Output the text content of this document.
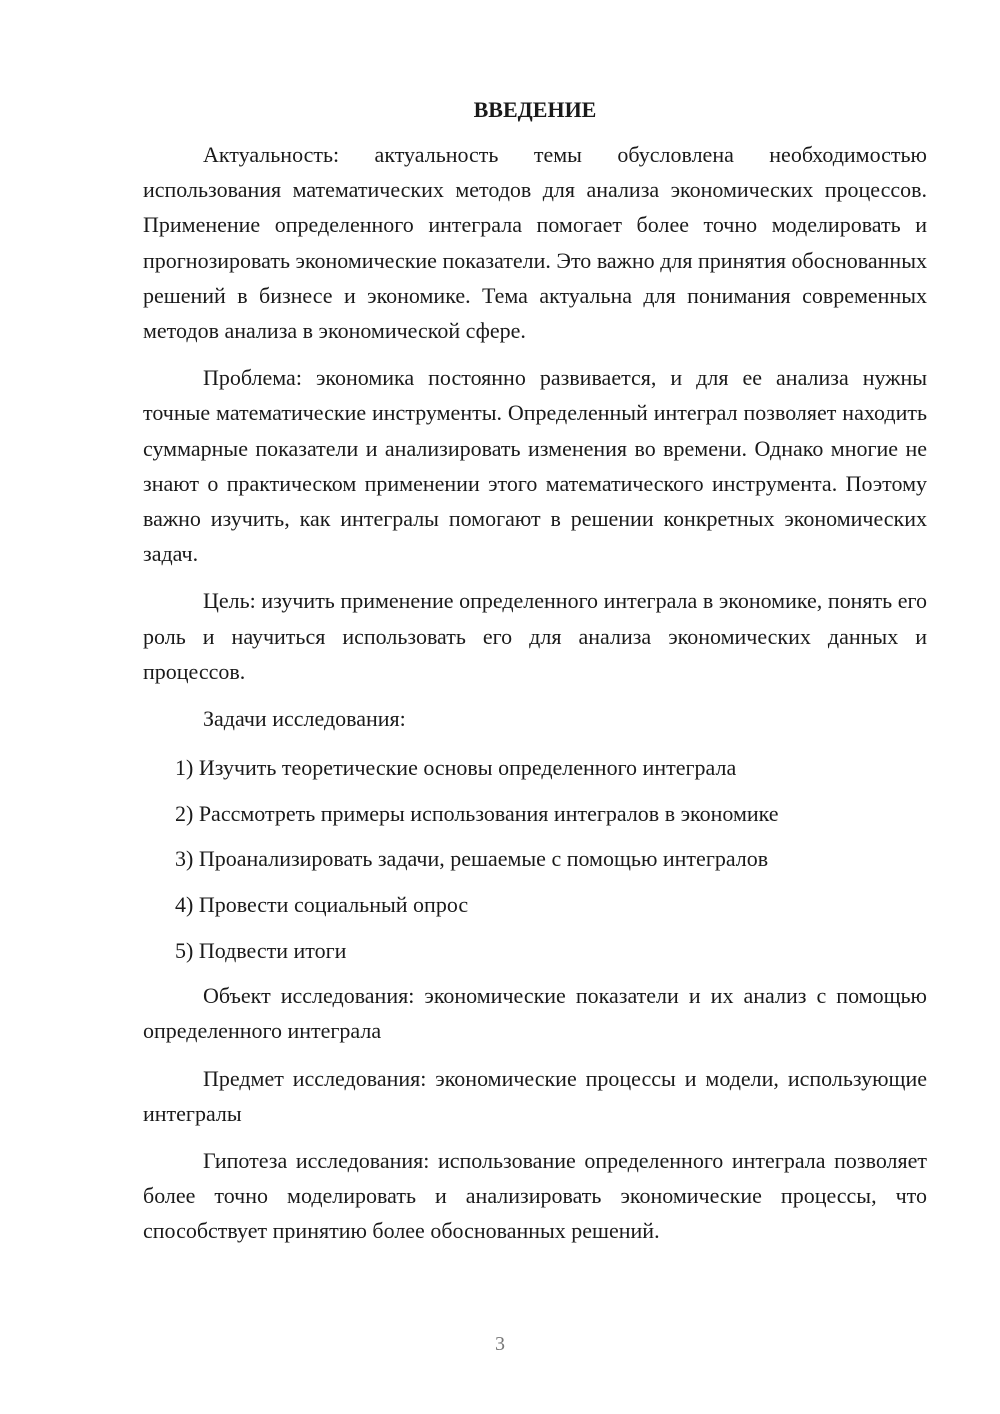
ВВЕДЕНИЕ

Актуальность: актуальность темы обусловлена необходимостью использования математических методов для анализа экономических процессов. Применение определенного интеграла помогает более точно моделировать и прогнозировать экономические показатели. Это важно для принятия обоснованных решений в бизнесе и экономике. Тема актуальна для понимания современных методов анализа в экономической сфере.

Проблема: экономика постоянно развивается, и для ее анализа нужны точные математические инструменты. Определенный интеграл позволяет находить суммарные показатели и анализировать изменения во времени. Однако многие не знают о практическом применении этого математического инструмента. Поэтому важно изучить, как интегралы помогают в решении конкретных экономических задач.

Цель: изучить применение определенного интеграла в экономике, понять его роль и научиться использовать его для анализа экономических данных и процессов.

Задачи исследования:

1) Изучить теоретические основы определенного интеграла
2) Рассмотреть примеры использования интегралов в экономике
3) Проанализировать задачи, решаемые с помощью интегралов
4) Провести социальный опрос
5) Подвести итоги

Объект исследования: экономические показатели и их анализ с помощью определенного интеграла

Предмет исследования: экономические процессы и модели, использующие интегралы

Гипотеза исследования: использование определенного интеграла позволяет более точно моделировать и анализировать экономические процессы, что способствует принятию более обоснованных решений.

3
